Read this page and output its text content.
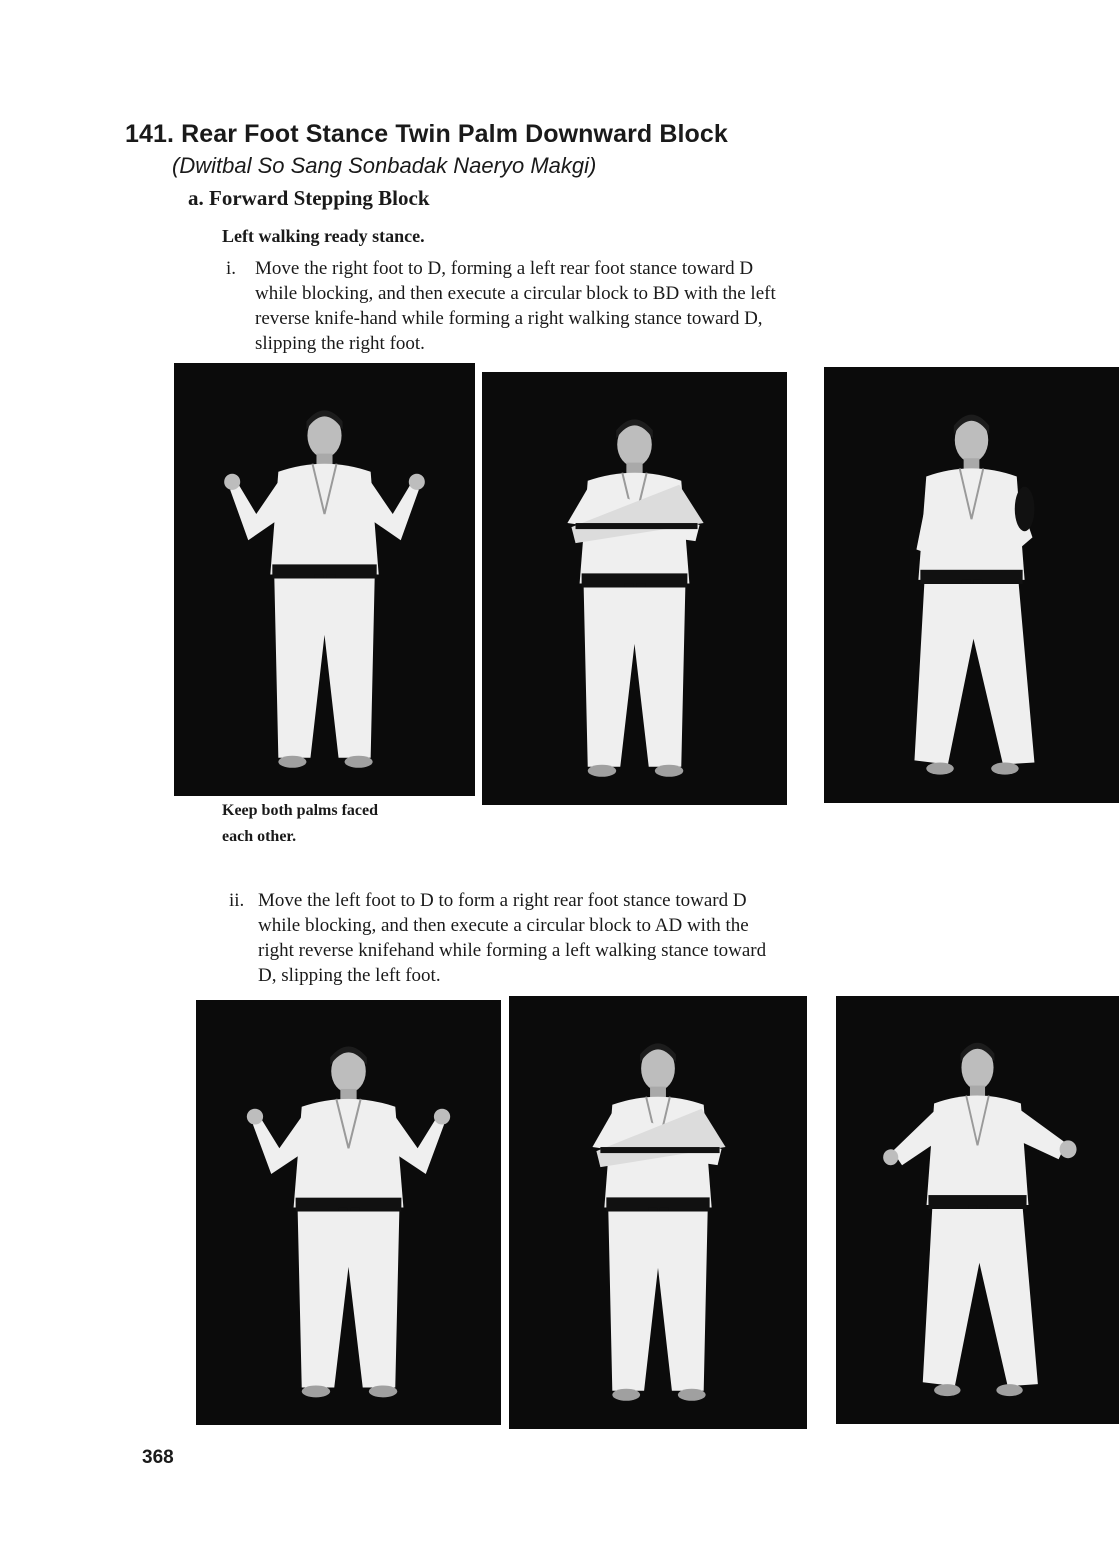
141. Rear Foot Stance Twin Palm Downward Block
(Dwitbal So Sang Sonbadak Naeryo Makgi)
a. Forward Stepping Block
Left walking ready stance.
i. Move the right foot to D, forming a left rear foot stance toward D
while blocking, and then execute a circular block to BD with the left
reverse knife-hand while forming a right walking stance toward D,
slipping the right foot.
Keep both palms faced
each other.
ii. Move the left foot to D to form a right rear foot stance toward D
while blocking, and then execute a circular block to AD with the
right reverse knifehand while forming a left walking stance toward
D, slipping the left foot.
368
